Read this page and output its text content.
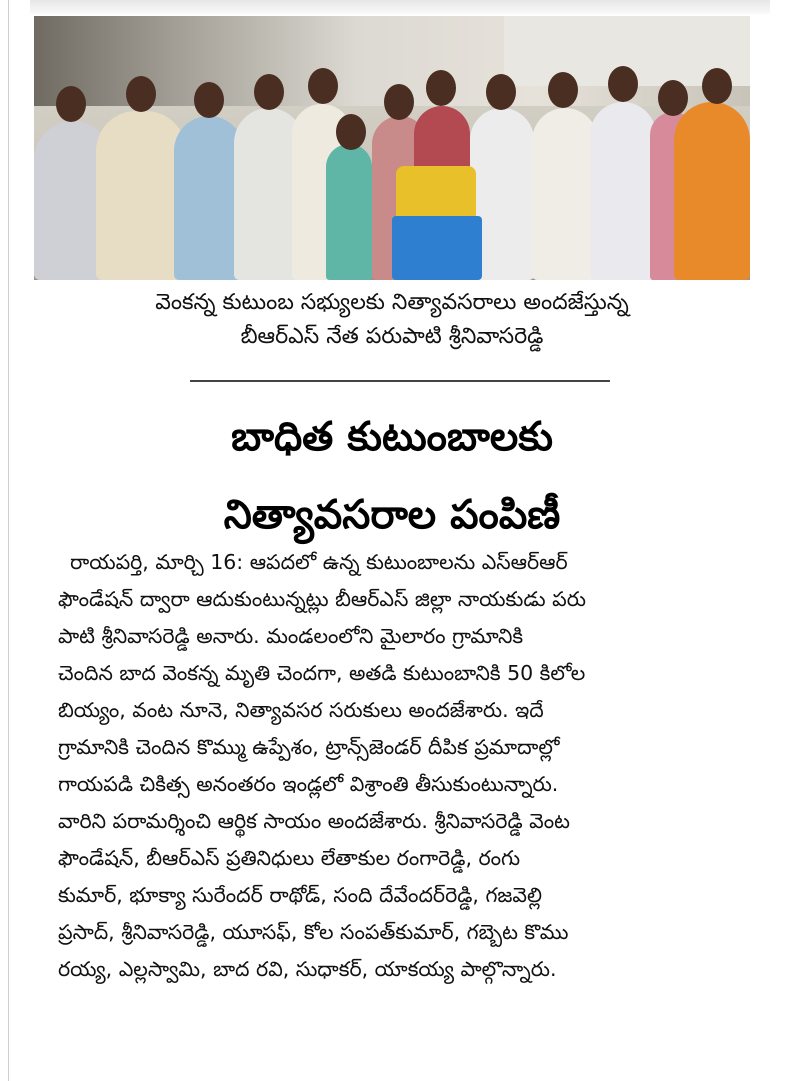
వెంకన్న కుటుంబ సభ్యులకు నిత్యావసరాలు అందజేస్తున్న
బీఆర్ఎస్ నేత పరుపాటి శ్రీనివాసరెడ్డి
బాధిత కుటుంబాలకు
నిత్యావసరాల పంపిణీ
రాయపర్తి, మార్చి 16: ఆపదలో ఉన్న కుటుంబాలను ఎస్ఆర్ఆర్
ఫౌండేషన్ ద్వారా ఆదుకుంటున్నట్లు బీఆర్ఎస్ జిల్లా నాయకుడు పరు
పాటి శ్రీనివాసరెడ్డి అనారు. మండలంలోని మైలారం గ్రామానికి
చెందిన బాద వెంకన్న మృతి చెందగా, అతడి కుటుంబానికి 50 కిలోల
బియ్యం, వంట నూనె, నిత్యావసర సరుకులు అందజేశారు. ఇదే
గ్రామానికి చెందిన కొమ్ము ఉప్పేశం, ట్రాన్స్‌జెండర్ దీపిక ప్రమాదాల్లో
గాయపడి చికిత్స అనంతరం ఇండ్లలో విశ్రాంతి తీసుకుంటున్నారు.
వారిని పరామర్శించి ఆర్థిక సాయం అందజేశారు. శ్రీనివాసరెడ్డి వెంట
ఫౌండేషన్, బీఆర్ఎస్ ప్రతినిధులు లేతాకుల రంగారెడ్డి, రంగు
కుమార్, భూక్యా సురేందర్ రాథోడ్, సంది దేవేందర్‌రెడ్డి, గజవెల్లి
ప్రసాద్, శ్రీనివాసరెడ్డి, యూసఫ్, కోల సంపత్‌కుమార్, గబ్బెట కొము
రయ్య, ఎల్లస్వామి, బాద రవి, సుధాకర్, యాకయ్య పాల్గొన్నారు.
